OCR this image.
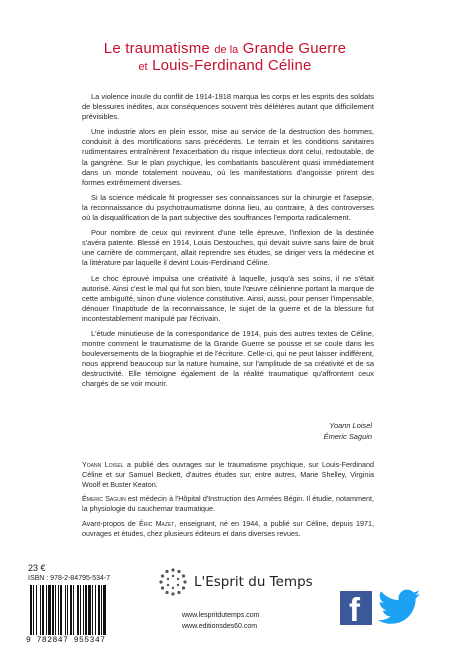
Le traumatisme de la Grande Guerre
et Louis-Ferdinand Céline

La violence inouïe du conflit de 1914-1918 marqua les corps et les esprits des soldats de blessures inédites, aux conséquences souvent très délétères autant que difficilement prévisibles.

Une industrie alors en plein essor, mise au service de la destruction des hommes, conduisit à des mortifications sans précédents. Le terrain et les conditions sanitaires rudimentaires entraînèrent l'exacerbation du risque infectieux dont celui, redoutable, de la gangrène. Sur le plan psychique, les combattants basculèrent quasi immédiatement dans un monde totalement nouveau, où les manifestations d'angoisse prirent des formes extrêmement diverses.

Si la science médicale fit progresser ses connaissances sur la chirurgie et l'asepsie, la reconnaissance du psychotraumatisme donna lieu, au contraire, à des controverses où la disqualification de la part subjective des souffrances l'emporta radicalement.

Pour nombre de ceux qui revinrent d'une telle épreuve, l'inflexion de la destinée s'avéra patente. Blessé en 1914, Louis Destouches, qui devait suivre sans faire de bruit une carrière de commerçant, allait reprendre ses études, se diriger vers la médecine et la littérature par laquelle il devint Louis-Ferdinand Céline.

Le choc éprouvé impulsa une créativité à laquelle, jusqu'à ses soins, il ne s'était autorisé. Ainsi c'est le mal qui fut son bien, toute l'œuvre célinienne portant la marque de cette ambiguïté, sinon d'une violence constitutive. Ainsi, aussi, pour penser l'impensable, dénouer l'inaptitude de la reconnaissance, le sujet de la guerre et de la blessure fut incontestablement manipulé par l'écrivain.

L'étude minutieuse de la correspondance de 1914, puis des autres textes de Céline, montre comment le traumatisme de la Grande Guerre se pousse et se coule dans les bouleversements de la biographie et de l'écriture. Celle-ci, qui ne peut laisser indifférent, nous apprend beaucoup sur la nature humaine, sur l'amplitude de sa créativité et de sa destructivité. Elle témoigne également de la réalité traumatique qu'affrontent ceux chargés de se voir mourir.

Yoann Loisel
Émeric Saguin

Yoann Loisel a publié des ouvrages sur le traumatisme psychique, sur Louis-Ferdinand Céline et sur Samuel Beckett, d'autres études sur, entre autres, Marie Shelley, Virginia Woolf et Buster Keaton.

Émeric Saguin est médecin à l'Hôpital d'Instruction des Armées Bégin. Il étudie, notamment, la physiologie du cauchemar traumatique.

Avant-propos de Éric Mazet, enseignant, né en 1944, a publié sur Céline, depuis 1971, ouvrages et études, chez plusieurs éditeurs et dans diverses revues.

23 €
ISBN : 978-2-84795-534-7
9 782847 955347
L'Esprit du Temps
www.lespritdutemps.com
www.editionsdes60.com	f
